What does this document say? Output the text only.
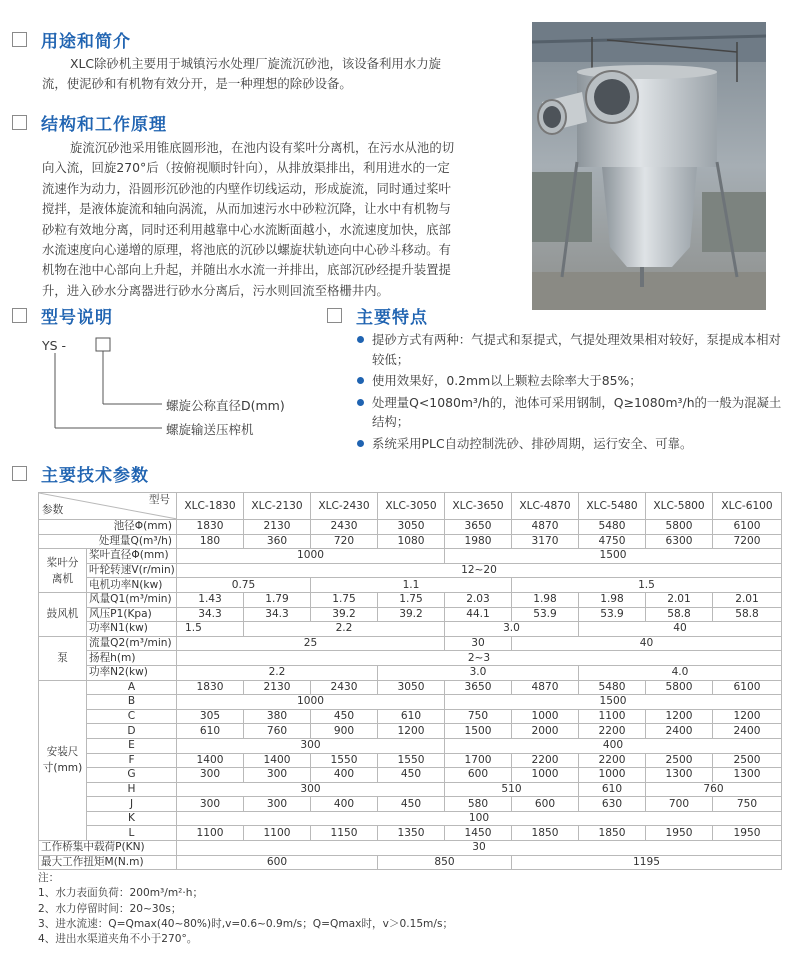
用途和简介

XLC除砂机主要用于城镇污水处理厂旋流沉砂池，该设备利用水力旋
流，使泥砂和有机物有效分开，是一种理想的除砂设备。

结构和工作原理

旋流沉砂池采用锥底圆形池，在池内设有桨叶分离机，在污水从池的切
向入流，回旋270°后（按俯视顺时针向），从排放渠排出，利用进水的一定
流速作为动力，沿圆形沉砂池的内壁作切线运动，形成旋流，同时通过桨叶
搅拌，是液体旋流和轴向涡流，从而加速污水中砂粒沉降，让水中有机物与
砂粒有效地分离，同时还利用越靠中心水流断面越小，水流速度加快，底部
水流速度向心递增的原理，将池底的沉砂以螺旋状轨迹向中心砂斗移动。有
机物在池中心部向上升起，并随出水水流一并排出，底部沉砂经提升装置提
升，进入砂水分离器进行砂水分离后，污水则回流至格栅井内。

型号说明
YS -
螺旋公称直径D(mm)
螺旋输送压榨机
主要特点
提砂方式有两种：气提式和泵提式，气提处理效果相对较好，泵提成本相对较低；
使用效果好，0.2mm以上颗粒去除率大于85%；
处理量Q<1080m³/h的，池体可采用钢制，Q≥1080m³/h的一般为混凝土结构；
系统采用PLC自动控制洗砂、排砂周期，运行安全、可靠。
主要技术参数
型号
参数		XLC-1830	XLC-2130	XLC-2430	XLC-3050	XLC-3650	XLC-4870	XLC-5480	XLC-5800	XLC-6100
池径Φ(mm)		1830	2130	2430	3050	3650	4870	5480	5800	6100
处理量Q(m³/h)		180	360	720	1080	1980	3170	4750	6300	7200
桨叶分离机	桨叶直径Φ(mm)	1000				1500				
	叶轮转速V(r/min)	12~20								
	电机功率N(kw)	0.75		1.1			1.5			
鼓风机	风量Q1(m³/min)	1.43	1.79	1.75	1.75	2.03	1.98	1.98	2.01	2.01
	风压P1(Kpa)	34.3	34.3	39.2	39.2	44.1	53.9	53.9	58.8	58.8
	功率N1(kw)	1.5	2.2			3.0		40		
泵	流量Q2(m³/min)	25				30	40			
	扬程h(m)	2~3								
	功率N2(kw)	2.2			3.0			4.0		
安装尺寸(mm)	A	1830	2130	2430	3050	3650	4870	5480	5800	6100
	B	1000				1500				
	C	305	380	450	610	750	1000	1100	1200	1200
	D	610	760	900	1200	1500	2000	2200	2400	2400
	E	300				400				
	F	1400	1400	1550	1550	1700	2200	2200	2500	2500
	G	300	300	400	450	600	1000	1000	1300	1300
	H	300				510		610	760	
	J	300	300	400	450	580	600	630	700	750
	K	100								
	L	1100	1100	1150	1350	1450	1850	1850	1950	1950
工作桥集中载荷P(KN)		30								
最大工作扭矩M(N.m)		600			850		1195			
注：
1、水力表面负荷：200m³/m²·h；
2、水力停留时间：20~30s；
3、进水流速：Q=Qmax(40~80%)时,v=0.6~0.9m/s；Q=Qmax时，v＞0.15m/s；
4、进出水渠道夹角不小于270°。
